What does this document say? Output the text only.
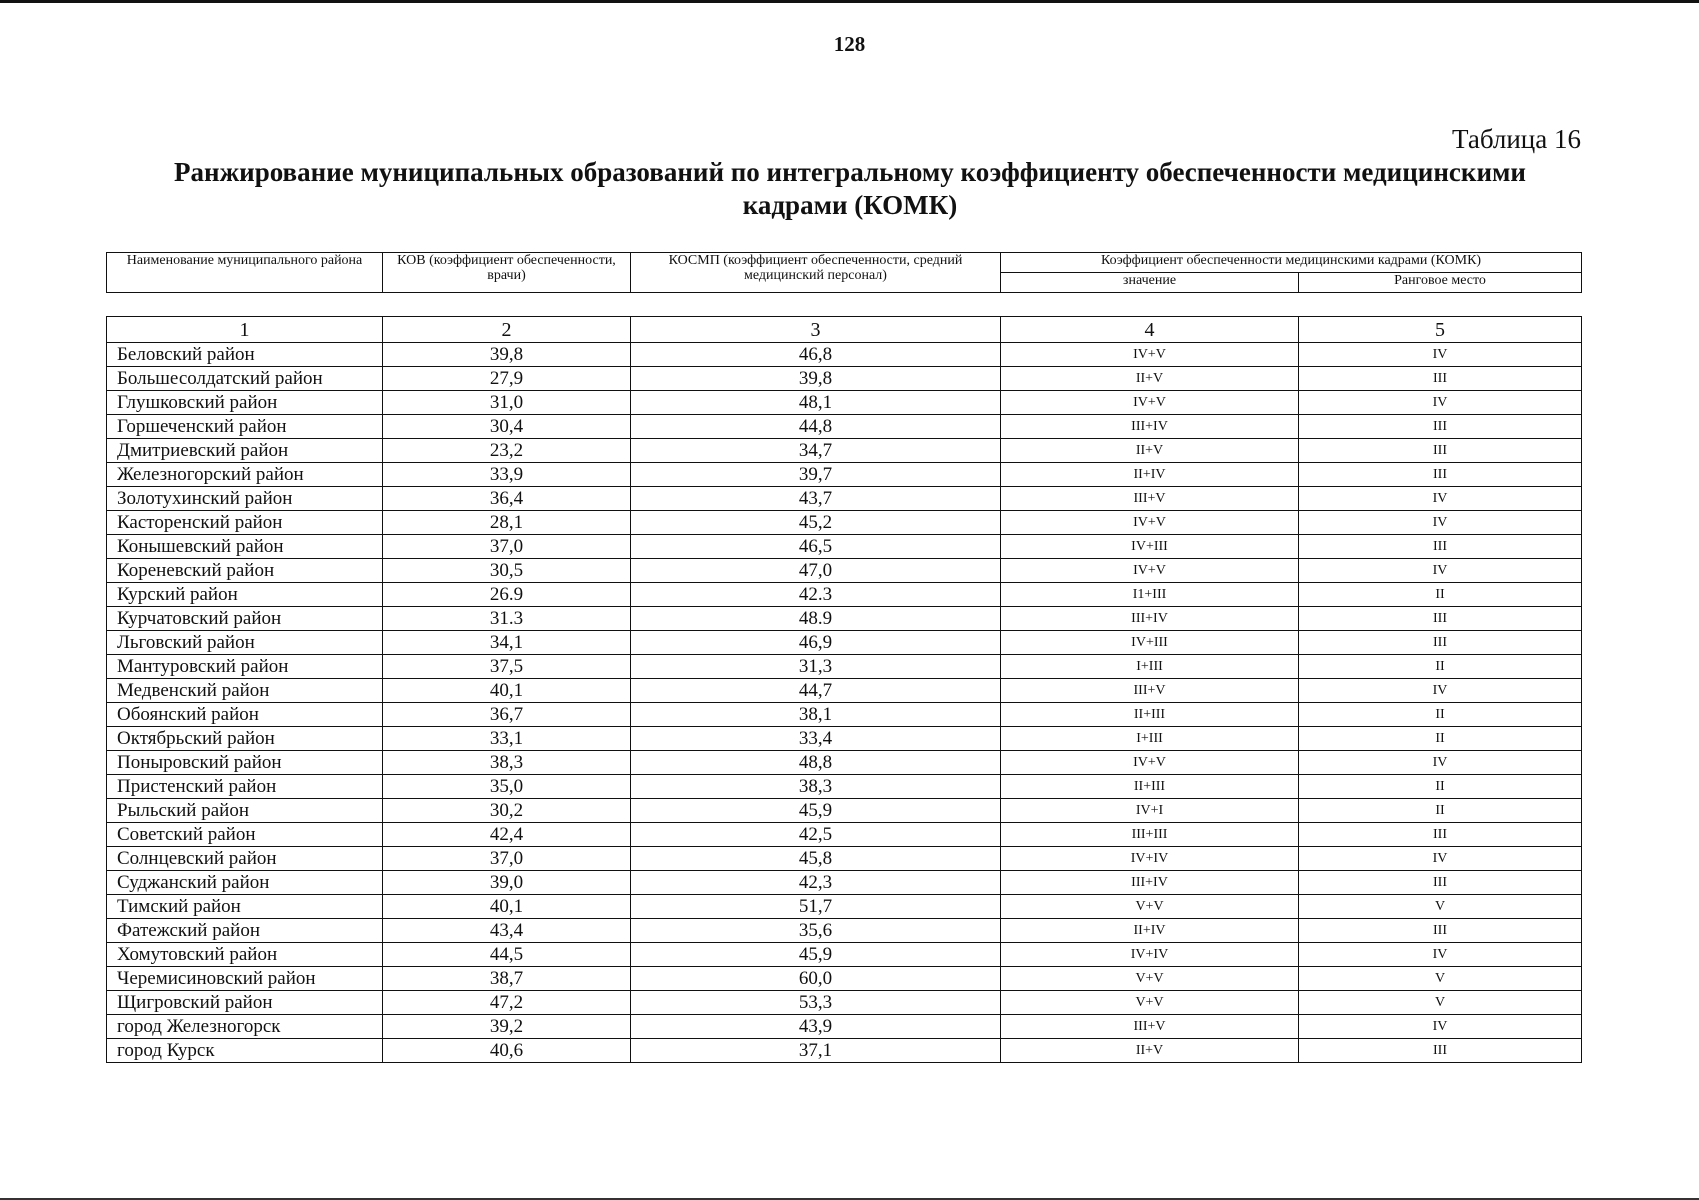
128
Таблица 16
Ранжирование муниципальных образований по интегральному коэффициенту обеспеченности медицинскими
кадрами (КОМК)
Наименование муниципального района	КОВ (коэффициент обеспеченности, врачи)	КОСМП (коэффициент обеспеченности, средний медицинский персонал)	Коэффициент обеспеченности медицинскими кадрами (КОМК)	
			значение	Ранговое место
1	2	3	4	5
Беловский район	39,8	46,8	IV+V	IV
Большесолдатский район	27,9	39,8	II+V	III
Глушковский район	31,0	48,1	IV+V	IV
Горшеченский район	30,4	44,8	III+IV	III
Дмитриевский район	23,2	34,7	II+V	III
Железногорский район	33,9	39,7	II+IV	III
Золотухинский район	36,4	43,7	III+V	IV
Касторенский район	28,1	45,2	IV+V	IV
Конышевский район	37,0	46,5	IV+III	III
Кореневский район	30,5	47,0	IV+V	IV
Курский район	26.9	42.3	I1+III	II
Курчатовский район	31.3	48.9	III+IV	III
Льговский район	34,1	46,9	IV+III	III
Мантуровский район	37,5	31,3	I+III	II
Медвенский район	40,1	44,7	III+V	IV
Обоянский район	36,7	38,1	II+III	II
Октябрьский район	33,1	33,4	I+III	II
Поныровский район	38,3	48,8	IV+V	IV
Пристенский район	35,0	38,3	II+III	II
Рыльский район	30,2	45,9	IV+I	II
Советский район	42,4	42,5	III+III	III
Солнцевский район	37,0	45,8	IV+IV	IV
Суджанский район	39,0	42,3	III+IV	III
Тимский район	40,1	51,7	V+V	V
Фатежский район	43,4	35,6	II+IV	III
Хомутовский район	44,5	45,9	IV+IV	IV
Черемисиновский район	38,7	60,0	V+V	V
Щигровский район	47,2	53,3	V+V	V
город Железногорск	39,2	43,9	III+V	IV
город Курск	40,6	37,1	II+V	III
